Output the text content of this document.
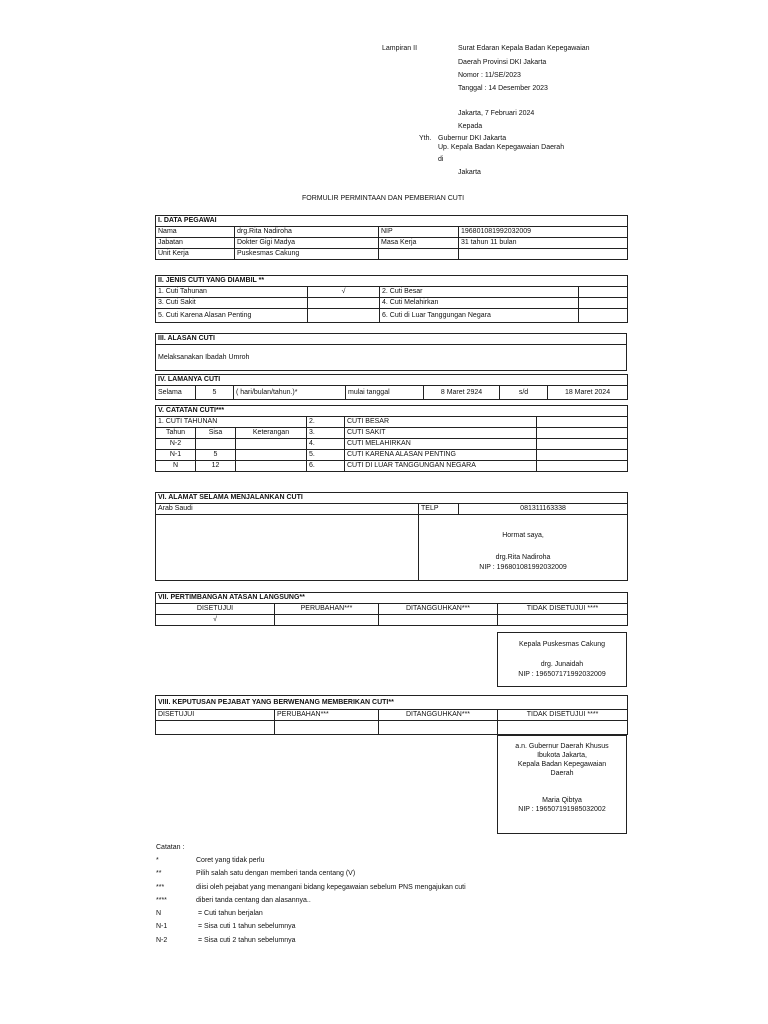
Lampiran II	Surat Edaran Kepala Badan Kepegawaian
Daerah Provinsi DKI Jakarta
Nomor : 11/SE/2023
Tanggal : 14 Desember 2023
Jakarta, 7 Februari 2024
Kepada
Yth. Gubernur DKI Jakarta
Up. Kepala Badan Kepegawaian Daerah
di
Jakarta
FORMULIR PERMINTAAN DAN PEMBERIAN CUTI
I. DATA PEGAWAI			
Nama	drg.Rita Nadiroha	NIP	196801081992032009
Jabatan	Dokter Gigi Madya	Masa Kerja	31 tahun 11 bulan
Unit Kerja	Puskesmas Cakung		
II. JENIS CUTI YANG DIAMBIL **			
1. Cuti Tahunan	√	2. Cuti Besar	
3. Cuti Sakit		4. Cuti Melahirkan	
5. Cuti Karena Alasan Penting		6. Cuti di Luar Tanggungan Negara	
III. ALASAN CUTI
Melaksanakan Ibadah Umroh
IV. LAMANYA CUTI
Selama	5	( hari/bulan/tahun.)*	mulai tanggal	8 Maret 2924	s/d	18 Maret 2024
V. CATATAN CUTI***					
1. CUTI TAHUNAN			2.	CUTI BESAR	
Tahun	Sisa	Keterangan	3.	CUTI SAKIT	
N-2			4.	CUTI MELAHIRKAN	
N-1	5		5.	CUTI KARENA ALASAN PENTING	
N	12		6.	CUTI DI LUAR TANGGUNGAN NEGARA	
VI. ALAMAT SELAMA MENJALANKAN CUTI		
Arab Saudi	TELP	081311163338

	Hormat saya,
drg.Rita Nadiroha
NIP : 196801081992032009	
VII. PERTIMBANGAN ATASAN LANGSUNG**			
DISETUJUI	PERUBAHAN***	DITANGGUHKAN***	TIDAK DISETUJUI ****
√			
Kepala Puskesmas Cakung
drg. Junaidah
NIP : 196507171992032009
VIII. KEPUTUSAN PEJABAT YANG BERWENANG MEMBERIKAN CUTI**			
DISETUJUI	PERUBAHAN***	DITANGGUHKAN***	TIDAK DISETUJUI ****

a.n. Gubernur Daerah Khusus
Ibukota Jakarta,
Kepala Badan Kepegawaian
Daerah
Maria Qibtya
NIP : 196507191985032002
Catatan :
*	Coret yang tidak perlu
**	Pilih salah satu dengan memberi tanda centang (V)
***	diisi oleh pejabat yang menangani bidang kepegawaian sebelum PNS mengajukan cuti
****	diberi tanda centang dan alasannya..
N	= Cuti tahun berjalan
N-1	= Sisa cuti 1 tahun sebelumnya
N-2	= Sisa cuti 2 tahun sebelumnya
